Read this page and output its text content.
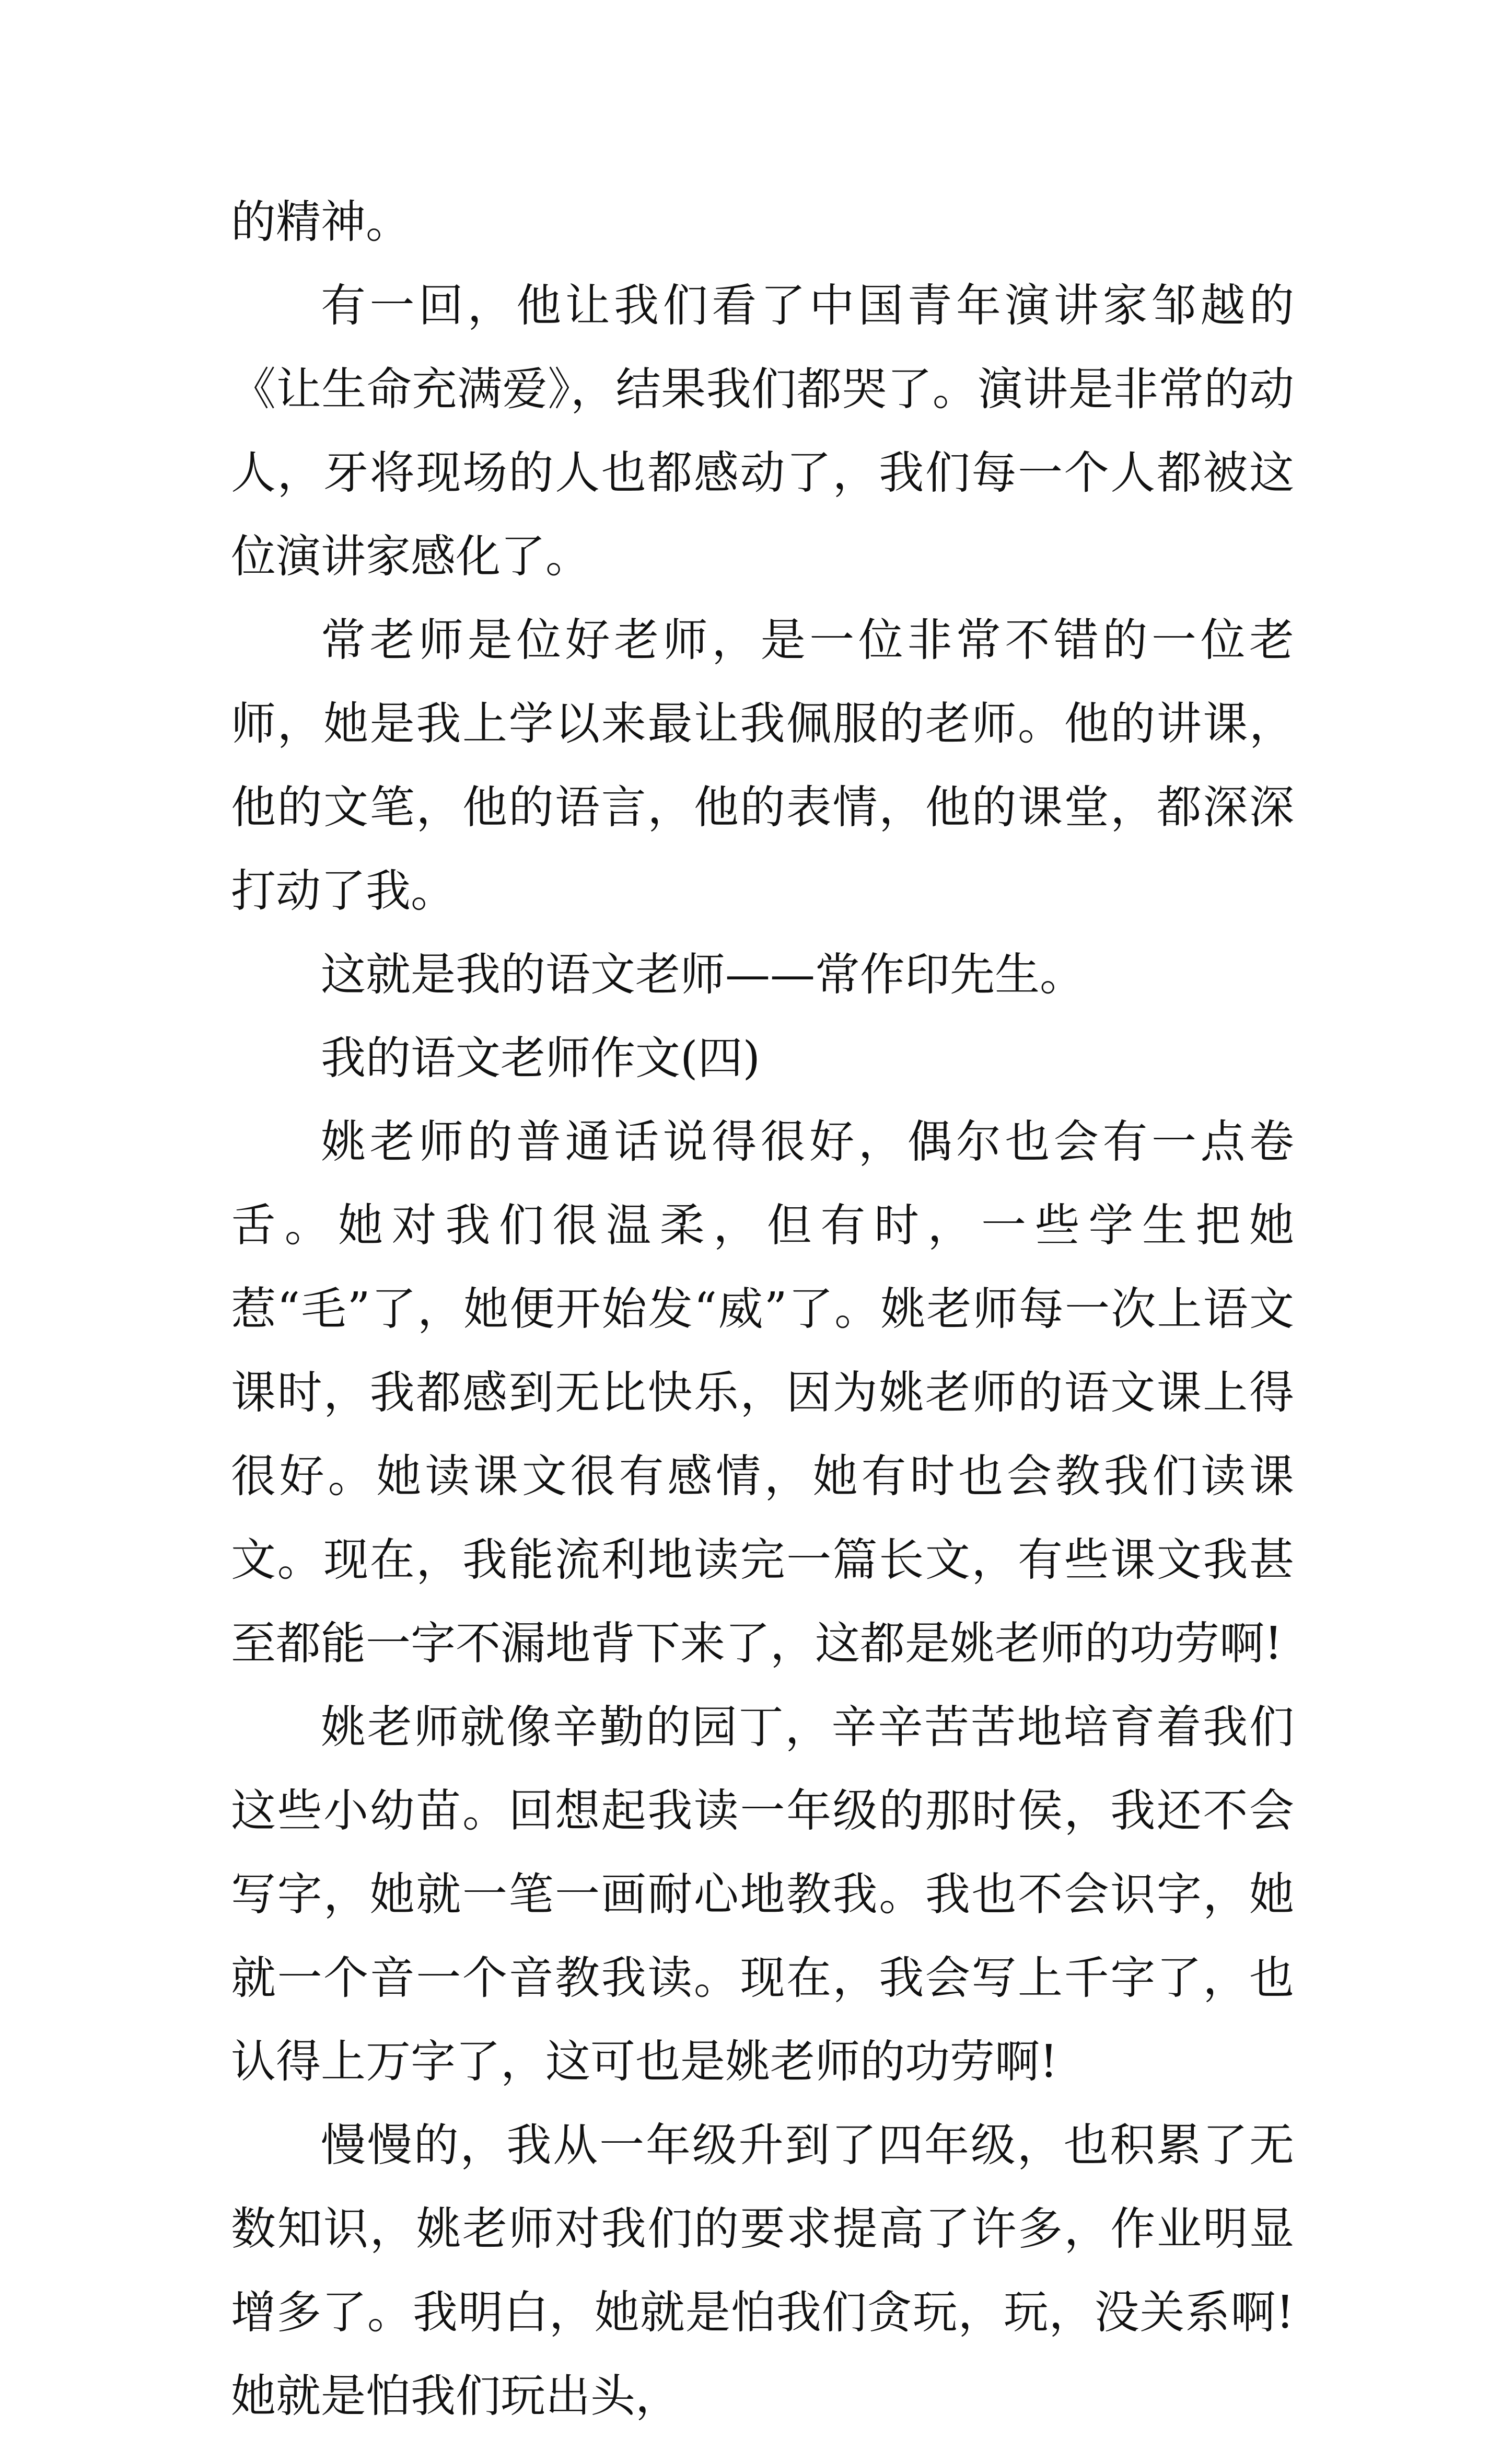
的精神。

有一回，他让我们看了中国青年演讲家邹越的《让生命充满爱》，结果我们都哭了。演讲是非常的动人，牙将现场的人也都感动了，我们每一个人都被这位演讲家感化了。

常老师是位好老师，是一位非常不错的一位老师，她是我上学以来最让我佩服的老师。他的讲课，他的文笔，他的语言，他的表情，他的课堂，都深深打动了我。

这就是我的语文老师——常作印先生。

我的语文老师作文(四)

姚老师的普通话说得很好，偶尔也会有一点卷舌。她对我们很温柔，但有时，一些学生把她惹“毛”了，她便开始发“威”了。姚老师每一次上语文课时，我都感到无比快乐，因为姚老师的语文课上得很好。她读课文很有感情，她有时也会教我们读课文。现在，我能流利地读完一篇长文，有些课文我甚至都能一字不漏地背下来了，这都是姚老师的功劳啊!

姚老师就像辛勤的园丁，辛辛苦苦地培育着我们这些小幼苗。回想起我读一年级的那时侯，我还不会写字，她就一笔一画耐心地教我。我也不会识字，她就一个音一个音教我读。现在，我会写上千字了，也认得上万字了，这可也是姚老师的功劳啊!

慢慢的，我从一年级升到了四年级，也积累了无数知识，姚老师对我们的要求提高了许多，作业明显增多了。我明白，她就是怕我们贪玩，玩，没关系啊!她就是怕我们玩出头，
